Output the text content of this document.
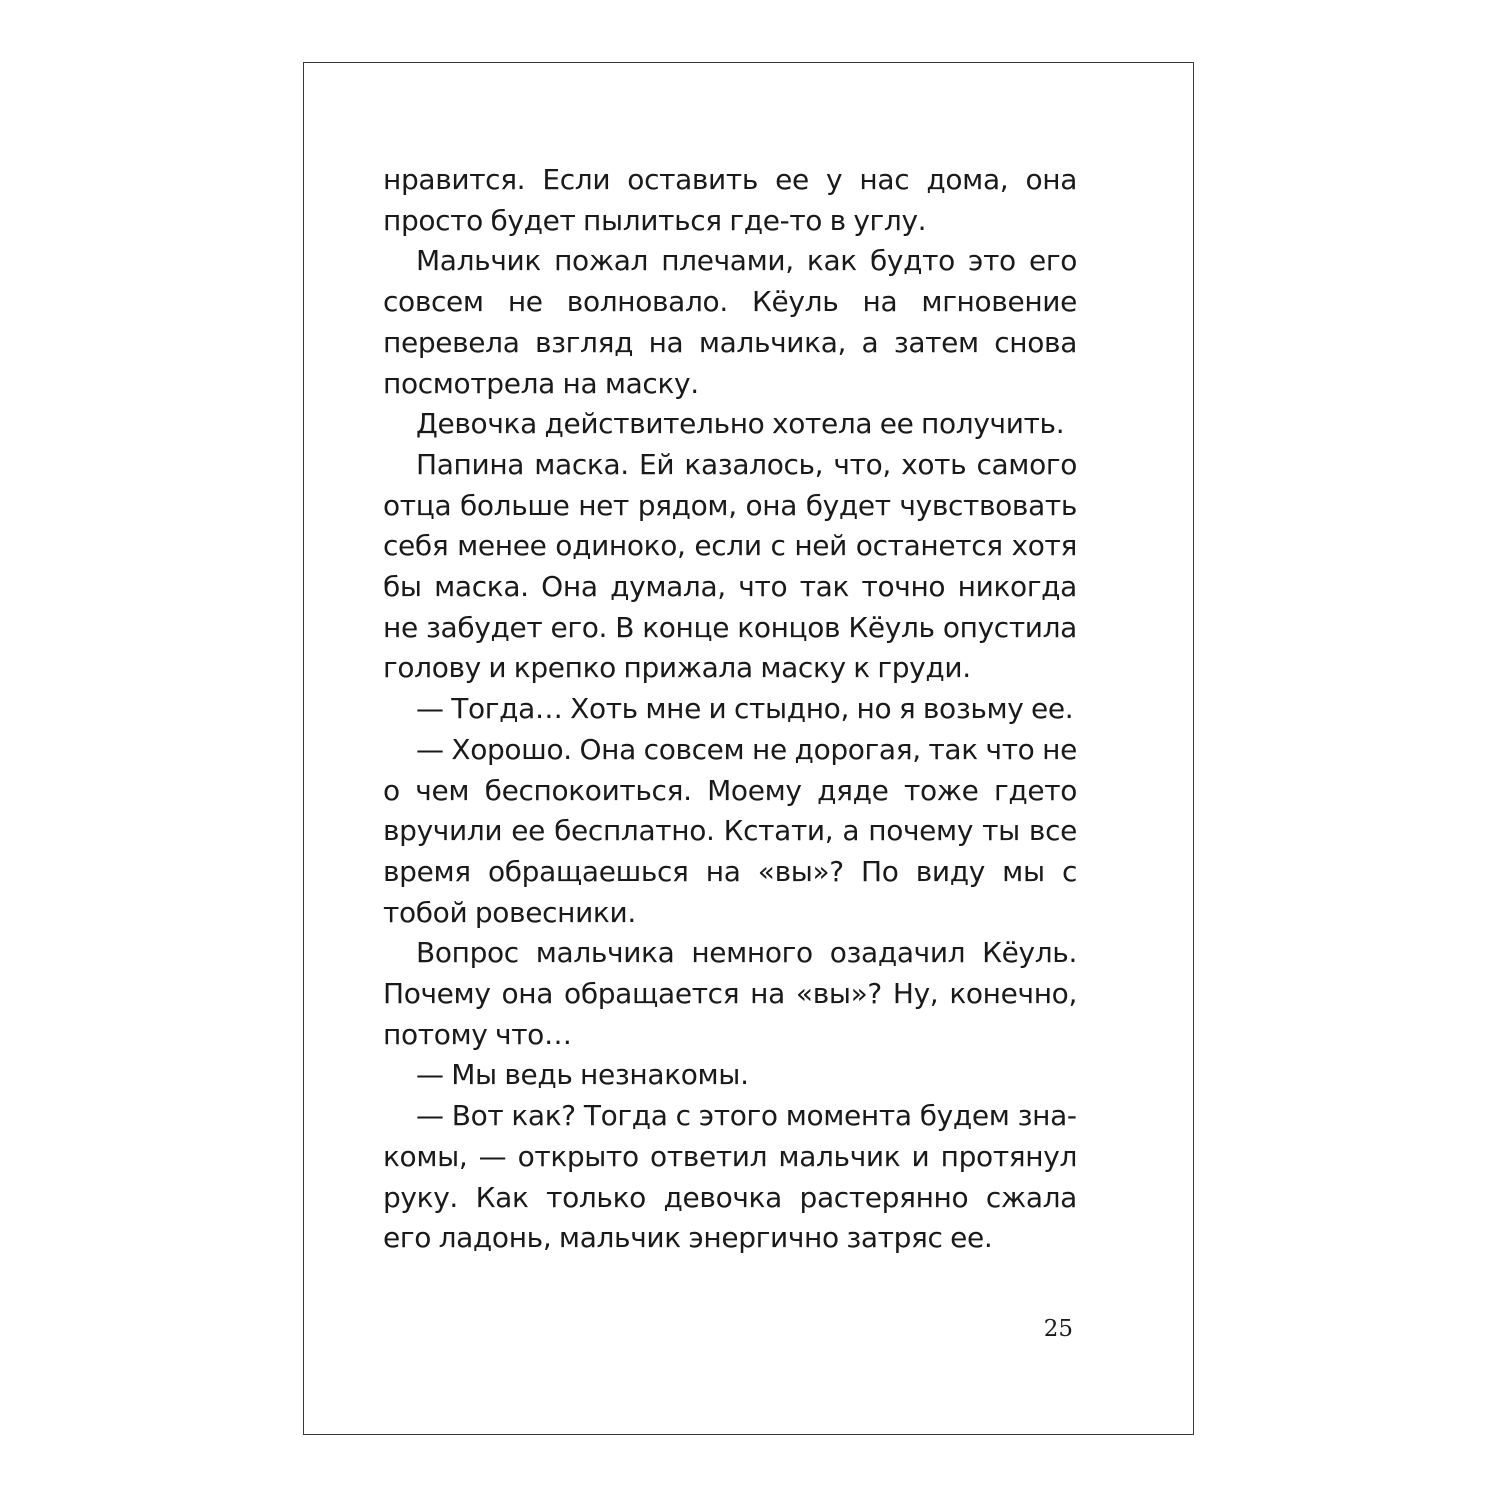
нравится. Если оставить ее у нас дома, она просто будет пылиться где-то в углу.

Мальчик пожал плечами, как будто это его совсем не волновало. Кёуль на мгновение перевела взгляд на мальчика, а затем снова посмотрела на маску.

Девочка действительно хотела ее получить.

Папина маска. Ей казалось, что, хоть самого отца больше нет рядом, она будет чувствовать себя менее одиноко, если с ней останется хотя бы маска. Она думала, что так точно никогда не забудет его. В конце концов Кёуль опустила голову и крепко прижала маску к груди.

— Тогда… Хоть мне и стыдно, но я возьму ее.

— Хорошо. Она совсем не дорогая, так что не о чем беспокоиться. Моему дяде тоже гдето вручили ее бесплатно. Кстати, а почему ты все время обращаешься на «вы»? По виду мы с тобой ровесники.

Вопрос мальчика немного озадачил Кёуль. Почему она обращается на «вы»? Ну, конечно, потому что…

— Мы ведь незнакомы.

— Вот как? Тогда с этого момента будем знакомы, — открыто ответил мальчик и протянул руку. Как только девочка растерянно сжала его ладонь, мальчик энергично затряс ее.

25
